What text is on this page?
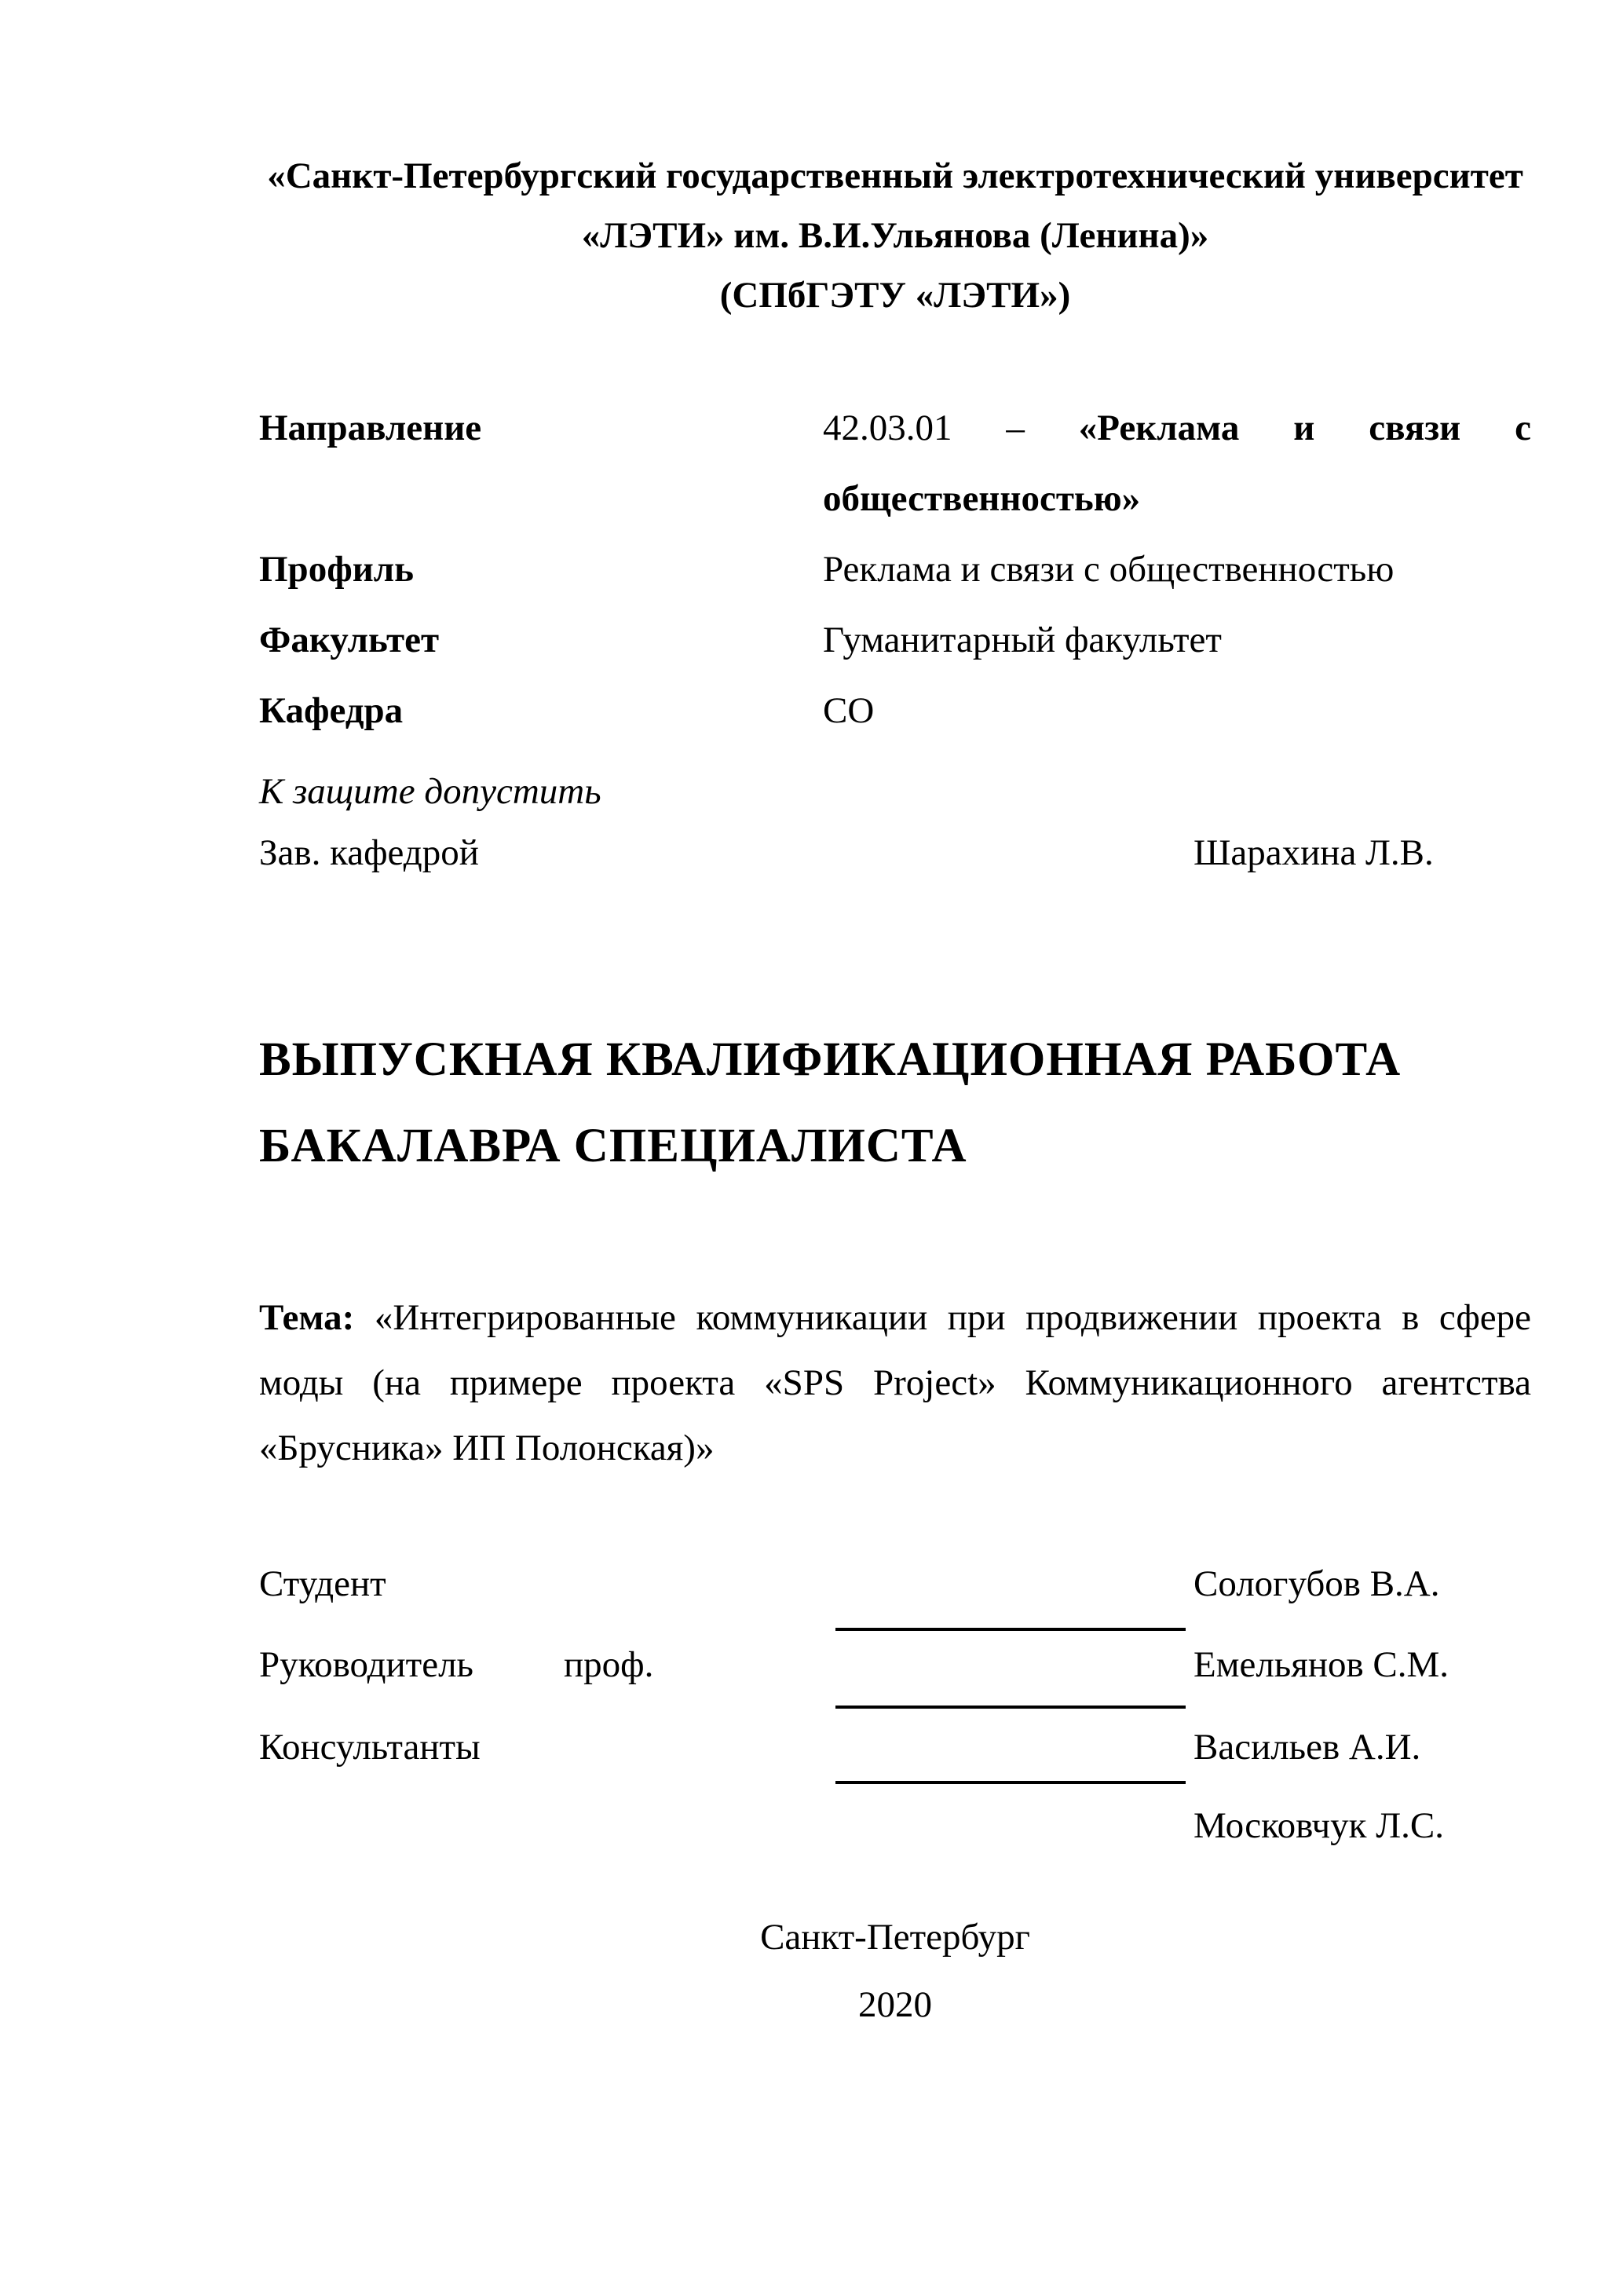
«Санкт-Петербургский государственный электротехнический университет
«ЛЭТИ» им. В.И.Ульянова (Ленина)»
(СПбГЭТУ «ЛЭТИ»)
Направление	42.03.01 – «Реклама и связи с
общественностью»
Профиль	Реклама и связи с общественностью
Факультет	Гуманитарный факультет
Кафедра	СО
К защите допустить
Зав. кафедрой	Шарахина Л.В.
ВЫПУСКНАЯ КВАЛИФИКАЦИОННАЯ РАБОТА
БАКАЛАВРА СПЕЦИАЛИСТА
Тема: «Интегрированные коммуникации при продвижении проекта в сфере
моды (на примере проекта «SPS Project» Коммуникационного агентства
«Брусника» ИП Полонская)»
Студент	Сологубов В.А.
Руководитель проф.	Емельянов С.М.
Консультанты	Васильев А.И.
Московчук Л.С.
Санкт-Петербург
2020
